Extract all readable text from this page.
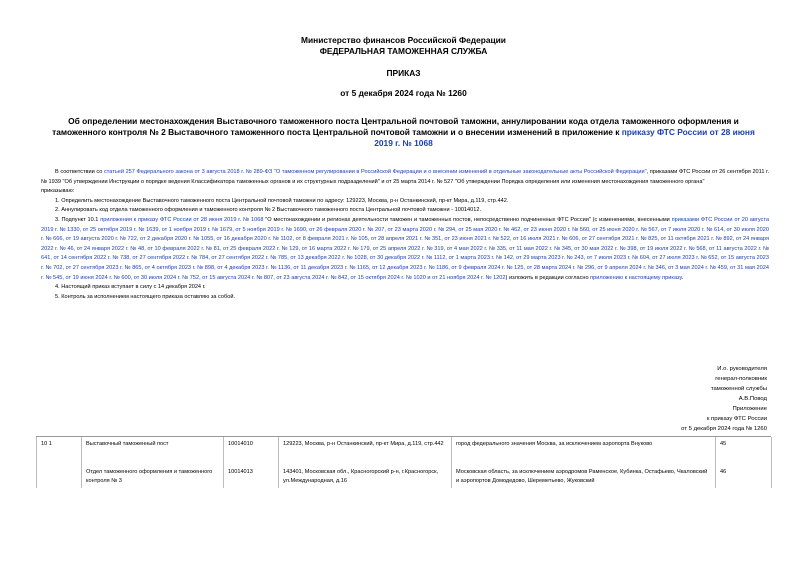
Министерство финансов Российской Федерации
ФЕДЕРАЛЬНАЯ ТАМОЖЕННАЯ СЛУЖБА
ПРИКАЗ
от 5 декабря 2024 года № 1260
Об определении местонахождения Выставочного таможенного поста Центральной почтовой таможни, аннулировании кода отдела таможенного оформления и таможенного контроля № 2 Выставочного таможенного поста Центральной почтовой таможни и о внесении изменений в приложение к приказу ФТС России от 28 июня 2019 г. № 1068

В соответствии со статьей 257 Федерального закона от 3 августа 2018 г. № 289-ФЗ "О таможенном регулировании в Российской Федерации и о внесении изменений в отдельные законодательные акты Российской Федерации", приказами ФТС России от 26 сентября 2011 г. № 1939 "Об утверждении Инструкции о порядке ведения Классификатора таможенных органов и их структурных подразделений" и от 25 марта 2014 г. № 527 "Об утверждении Порядка определения или изменения местонахождения таможенного органа"

приказываю:

1. Определить местонахождение Выставочного таможенного поста Центральной почтовой таможни по адресу: 129223, Москва, р-н Останкинский, пр-кт Мира, д.119, стр.442.

2. Аннулировать код отдела таможенного оформления и таможенного контроля № 2 Выставочного таможенного поста Центральной почтовой таможни - 10014012.

3. Подпункт 10.1 приложения к приказу ФТС России от 28 июня 2019 г. № 1068 "О местонахождении и регионах деятельности таможен и таможенных постов, непосредственно подчиненных ФТС России" (с изменениями, внесенными приказами ФТС России от 20 августа 2019 г. № 1330, от 25 октября 2019 г. № 1639, от 1 ноября 2019 г. № 1679, от 5 ноября 2019 г. № 1690, от 26 февраля 2020 г. № 207, от 23 марта 2020 г. № 294, от 25 мая 2020 г. № 462, от 23 июня 2020 г. № 560, от 25 июня 2020 г. № 567, от 7 июля 2020 г. № 614, от 30 июля 2020 г. № 666, от 19 августа 2020 г. № 722, от 2 декабря 2020 г. № 1055, от 16 декабря 2020 г. № 1102, от 8 февраля 2021 г. № 105, от 28 апреля 2021 г. № 351, от 23 июня 2021 г. № 522, от 16 июля 2021 г. № 606, от 27 сентября 2021 г. № 825, от 11 октября 2021 г. № 892, от 24 января 2022 г. № 46, от 24 января 2022 г. № 48, от 10 февраля 2022 г. № 81, от 25 февраля 2022 г. № 129, от 16 марта 2022 г. № 179, от 25 апреля 2022 г. № 319, от 4 мая 2022 г. № 335, от 11 мая 2022 г. № 345, от 30 мая 2022 г. № 398, от 19 июля 2022 г. № 568, от 11 августа 2022 г. № 641, от 14 сентября 2022 г. № 738, от 27 сентября 2022 г. № 784, от 27 сентября 2022 г. № 785, от 13 декабря 2022 г. № 1028, от 30 декабря 2022 г. № 1112, от 1 марта 2023 г. № 142, от 29 марта 2023 г. № 243, от 7 июля 2023 г. № 604, от 27 июля 2023 г. № 652, от 15 августа 2023 г. № 702, от 27 сентября 2023 г. № 865, от 4 октября 2023 г. № 898, от 4 декабря 2023 г. № 1136, от 11 декабря 2023 г. № 1165, от 12 декабря 2023 г. № 1186, от 9 февраля 2024 г. № 125, от 28 марта 2024 г. № 296, от 9 апреля 2024 г. № 346, от 3 мая 2024 г. № 459, от 31 мая 2024 г. № 545, от 19 июня 2024 г. № 600, от 30 июля 2024 г. № 752, от 15 августа 2024 г. № 807, от 23 августа 2024 г. № 842, от 15 октября 2024 г. № 1020 и от 21 ноября 2024 г. № 1202) изложить в редакции согласно приложению к настоящему приказу.

4. Настоящий приказ вступает в силу с 14 декабря 2024 г.

5. Контроль за исполнением настоящего приказа оставляю за собой.

И.о. руководителя
генерал-полковник
таможенной службы
А.В.Повод
Приложение
к приказу ФТС России
от 5 декабря 2024 года № 1260
10 1	Выставочный таможенный пост	10014010	129223, Москва, р-н Останкинский, пр-кт Мира, д.119, стр.442	город федерального значения Москва, за исключением аэропорта Внуково	45
	Отдел таможенного оформления и таможенного контроля № 3	10014013	143401, Московская обл., Красногорский р-н, г.Красногорск, ул.Международная, д.16	Московская область, за исключением аэродромов Раменское, Кубинка, Остафьево, Чкаловский и аэропортов Домодедово, Шереметьево, Жуковский	46
